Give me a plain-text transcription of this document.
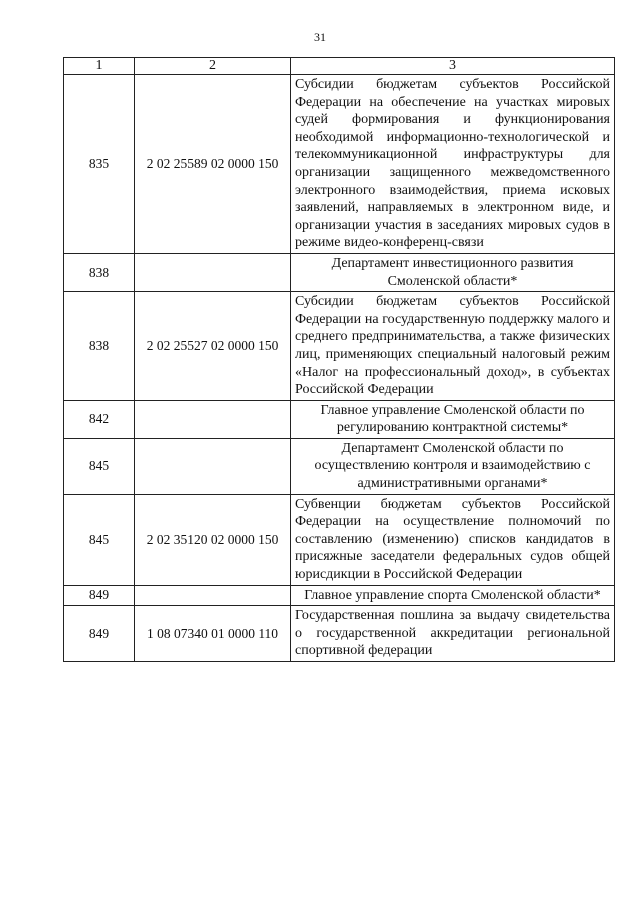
31
1	2	3
835	2 02 25589 02 0000 150	Субсидии бюджетам субъектов Российской Федерации на обеспечение на участках мировых судей формирования и функционирования необходимой информационно-технологической и телекоммуникационной инфраструктуры для организации защищенного межведомственного электронного взаимодействия, приема исковых заявлений, направляемых в электронном виде, и организации участия в заседаниях мировых судов в режиме видео-конференц-связи
838		Департамент инвестиционного развития Смоленской области*
838	2 02 25527 02 0000 150	Субсидии бюджетам субъектов Российской Федерации на государственную поддержку малого и среднего предпринимательства, а также физических лиц, применяющих специальный налоговый режим «Налог на профессиональный доход», в субъектах Российской Федерации
842		Главное управление Смоленской области по регулированию контрактной системы*
845		Департамент Смоленской области по осуществлению контроля и взаимодействию с административными органами*
845	2 02 35120 02 0000 150	Субвенции бюджетам субъектов Российской Федерации на осуществление полномочий по составлению (изменению) списков кандидатов в присяжные заседатели федеральных судов общей юрисдикции в Российской Федерации
849		Главное управление спорта Смоленской области*
849	1 08 07340 01 0000 110	Государственная пошлина за выдачу свидетельства о государственной аккредитации региональной спортивной федерации
